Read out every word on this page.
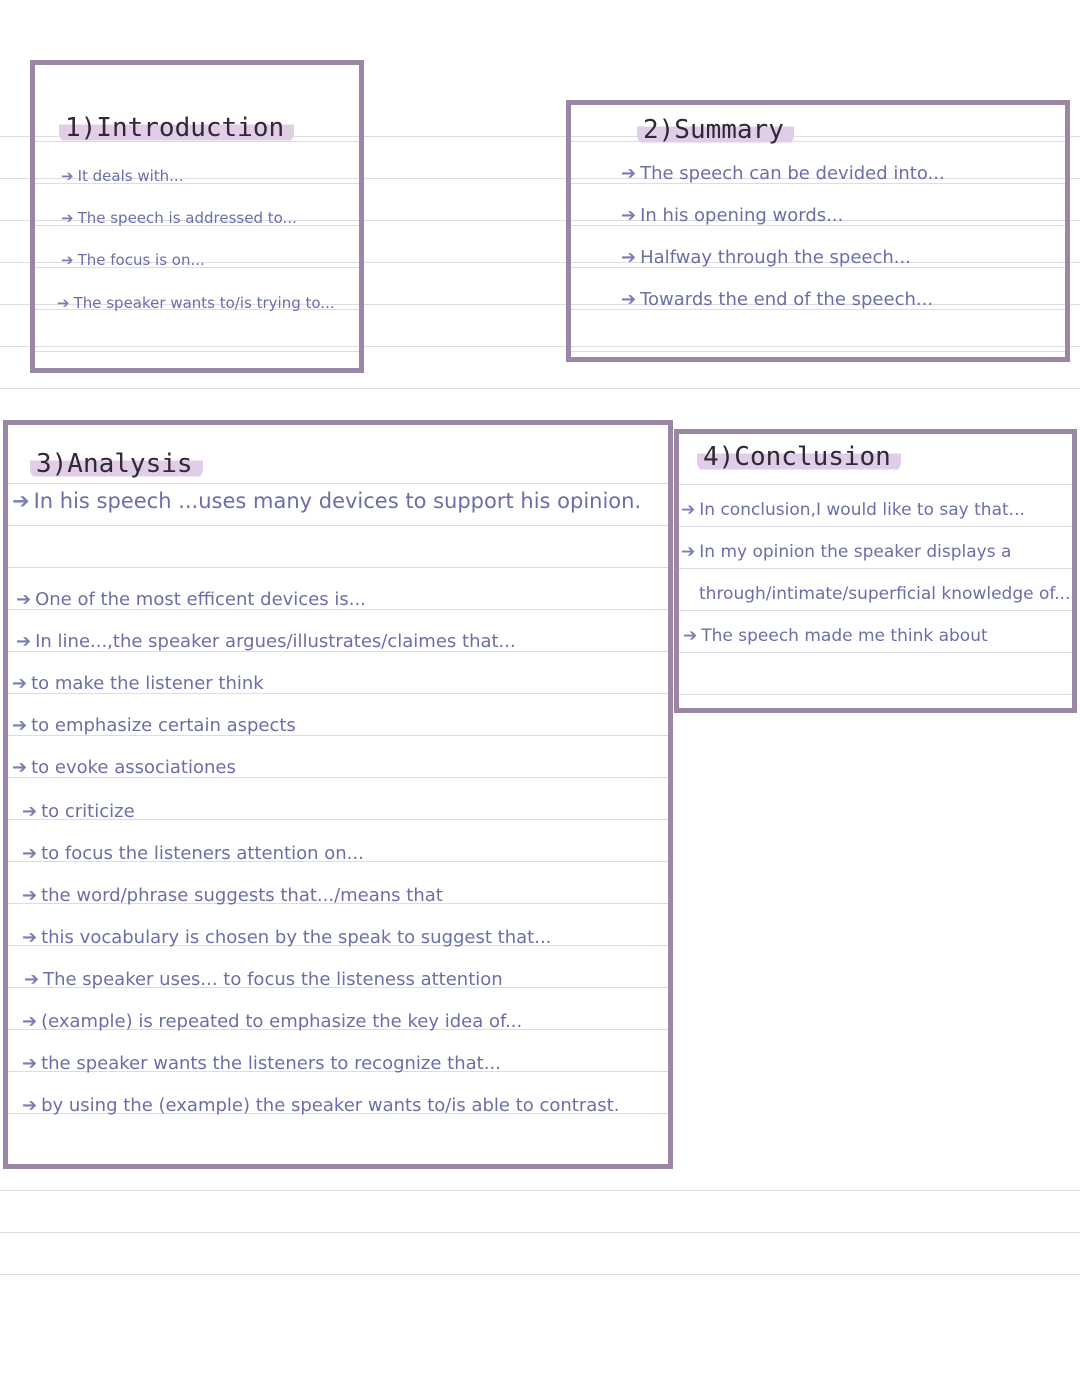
1)Introduction
➔ It deals with...
➔ The speech is addressed to...
➔ The focus is on...
➔ The speaker wants to/is trying to...
2)Summary
➔ The speech can be devided into...
➔ In his opening words...
➔ Halfway through the speech...
➔ Towards the end of the speech...
3)Analysis
➔ In his speech ...uses many devices to support his opinion.
➔ One of the most efficent devices is...
➔ In line...,the speaker argues/illustrates/claimes that...
➔ to make the listener think
➔ to emphasize certain aspects
➔ to evoke associationes
➔ to criticize
➔ to focus the listeners attention on...
➔ the word/phrase suggests that.../means that
➔ this vocabulary is chosen by the speak to suggest that...
➔ The speaker uses... to focus the listeness attention
➔ (example) is repeated to emphasize the key idea of...
➔ the speaker wants the listeners to recognize that...
➔ by using the (example) the speaker wants to/is able to contrast.
4)Conclusion
➔ In conclusion,I would like to say that...
➔ In my opinion the speaker displays a
through/intimate/superficial knowledge of...
➔ The speech made me think about
